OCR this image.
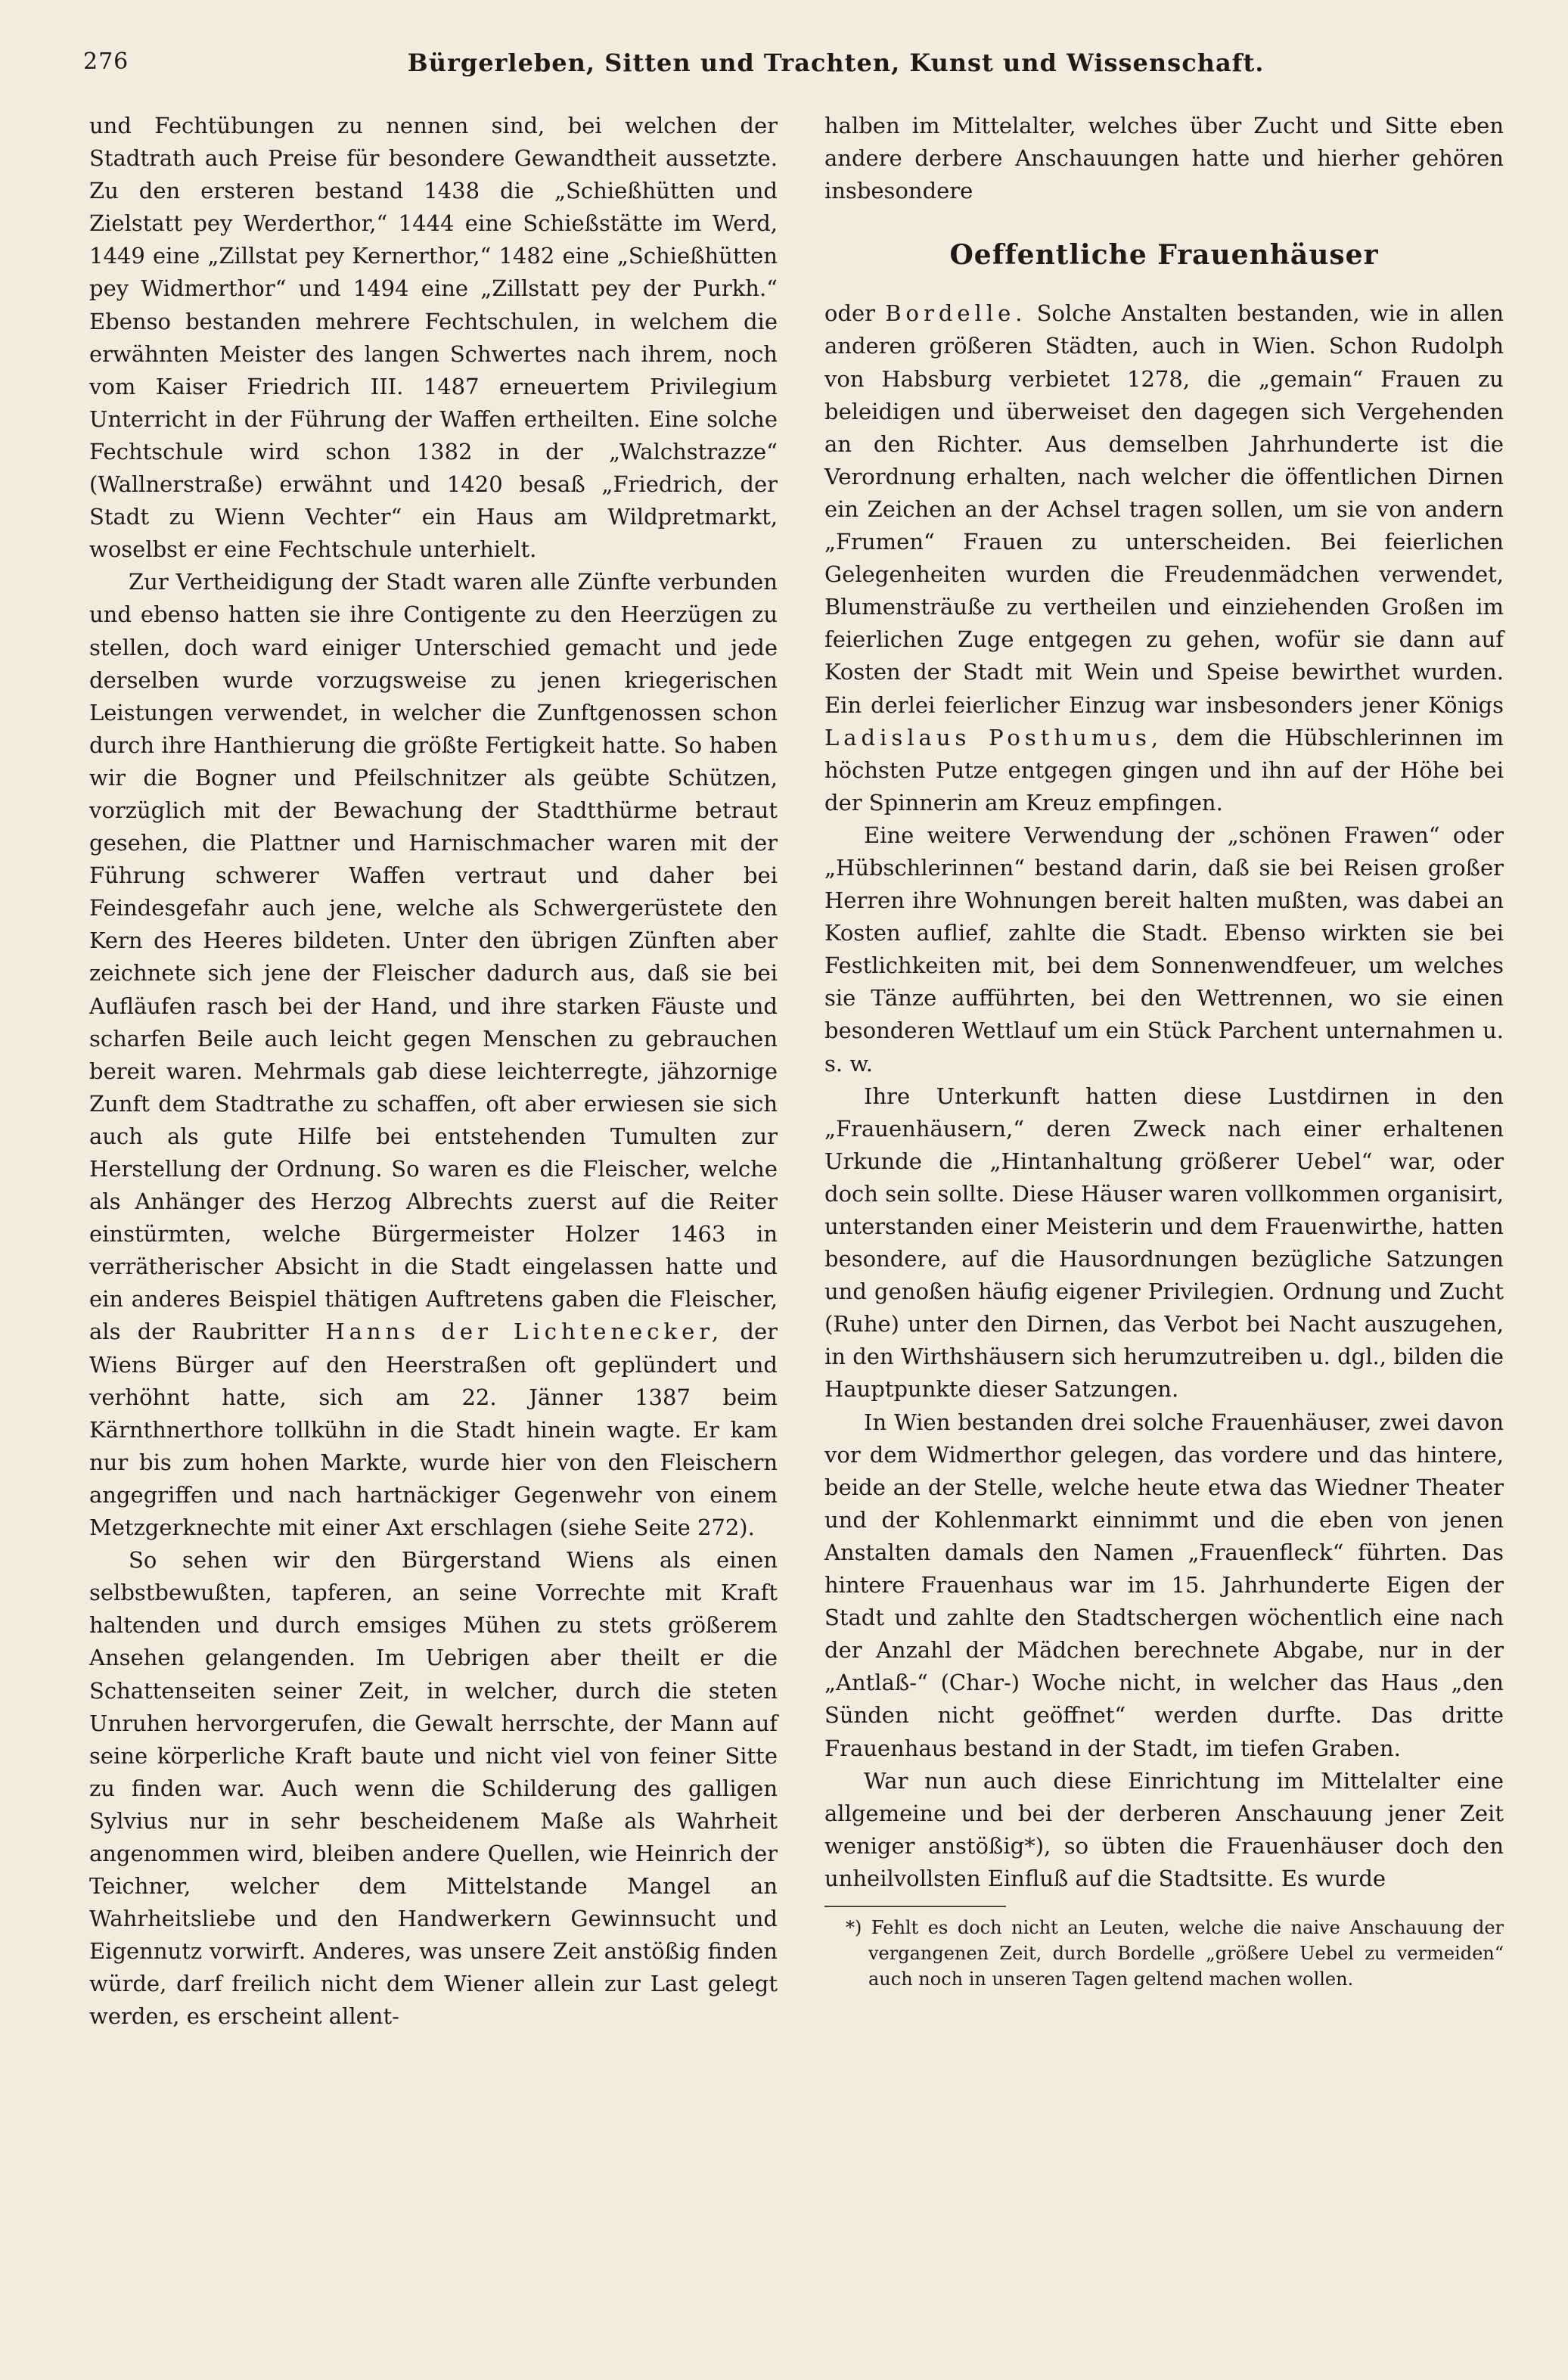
276	Bürgerleben, Sitten und Trachten, Kunst und Wissenschaft.

und Fechtübungen zu nennen sind, bei welchen der Stadtrath auch Preise für besondere Gewandtheit aussetzte. Zu den ersteren bestand 1438 die „Schießhütten und Zielstatt pey Werderthor,“ 1444 eine Schießstätte im Werd, 1449 eine „Zillstat pey Kernerthor,“ 1482 eine „Schießhütten pey Widmerthor“ und 1494 eine „Zillstatt pey der Purkh.“ Ebenso bestanden mehrere Fechtschulen, in welchem die erwähnten Meister des langen Schwertes nach ihrem, noch vom Kaiser Friedrich III. 1487 erneuertem Privilegium Unterricht in der Führung der Waffen ertheilten. Eine solche Fechtschule wird schon 1382 in der „Walchstrazze“ (Wallnerstraße) erwähnt und 1420 besaß „Friedrich, der Stadt zu Wienn Vechter“ ein Haus am Wildpretmarkt, woselbst er eine Fechtschule unterhielt.

Zur Vertheidigung der Stadt waren alle Zünfte verbunden und ebenso hatten sie ihre Contigente zu den Heerzügen zu stellen, doch ward einiger Unterschied gemacht und jede derselben wurde vorzugsweise zu jenen kriegerischen Leistungen verwendet, in welcher die Zunftgenossen schon durch ihre Hanthierung die größte Fertigkeit hatte. So haben wir die Bogner und Pfeilschnitzer als geübte Schützen, vorzüglich mit der Bewachung der Stadtthürme betraut gesehen, die Plattner und Harnischmacher waren mit der Führung schwerer Waffen vertraut und daher bei Feindesgefahr auch jene, welche als Schwergerüstete den Kern des Heeres bildeten. Unter den übrigen Zünften aber zeichnete sich jene der Fleischer dadurch aus, daß sie bei Aufläufen rasch bei der Hand, und ihre starken Fäuste und scharfen Beile auch leicht gegen Menschen zu gebrauchen bereit waren. Mehrmals gab diese leichterregte, jähzornige Zunft dem Stadtrathe zu schaffen, oft aber erwiesen sie sich auch als gute Hilfe bei entstehenden Tumulten zur Herstellung der Ordnung. So waren es die Fleischer, welche als Anhänger des Herzog Albrechts zuerst auf die Reiter einstürmten, welche Bürgermeister Holzer 1463 in verrätherischer Absicht in die Stadt eingelassen hatte und ein anderes Beispiel thätigen Auftretens gaben die Fleischer, als der Raubritter Hanns der Lichtenecker, der Wiens Bürger auf den Heerstraßen oft geplündert und verhöhnt hatte, sich am 22. Jänner 1387 beim Kärnthnerthore tollkühn in die Stadt hinein wagte. Er kam nur bis zum hohen Markte, wurde hier von den Fleischern angegriffen und nach hartnäckiger Gegenwehr von einem Metzgerknechte mit einer Axt erschlagen (siehe Seite 272).

So sehen wir den Bürgerstand Wiens als einen selbstbewußten, tapferen, an seine Vorrechte mit Kraft haltenden und durch emsiges Mühen zu stets größerem Ansehen gelangenden. Im Uebrigen aber theilt er die Schattenseiten seiner Zeit, in welcher, durch die steten Unruhen hervorgerufen, die Gewalt herrschte, der Mann auf seine körperliche Kraft baute und nicht viel von feiner Sitte zu finden war. Auch wenn die Schilderung des galligen Sylvius nur in sehr bescheidenem Maße als Wahrheit angenommen wird, bleiben andere Quellen, wie Heinrich der Teichner, welcher dem Mittelstande Mangel an Wahrheitsliebe und den Handwerkern Gewinnsucht und Eigennutz vorwirft. Anderes, was unsere Zeit anstößig finden würde, darf freilich nicht dem Wiener allein zur Last gelegt werden, es erscheint allent-

halben im Mittelalter, welches über Zucht und Sitte eben andere derbere Anschauungen hatte und hierher gehören insbesondere

Oeffentliche Frauenhäuser

oder Bordelle. Solche Anstalten bestanden, wie in allen anderen größeren Städten, auch in Wien. Schon Rudolph von Habsburg verbietet 1278, die „gemain“ Frauen zu beleidigen und überweiset den dagegen sich Vergehenden an den Richter. Aus demselben Jahrhunderte ist die Verordnung erhalten, nach welcher die öffentlichen Dirnen ein Zeichen an der Achsel tragen sollen, um sie von andern „Frumen“ Frauen zu unterscheiden. Bei feierlichen Gelegenheiten wurden die Freudenmädchen verwendet, Blumensträuße zu vertheilen und einziehenden Großen im feierlichen Zuge entgegen zu gehen, wofür sie dann auf Kosten der Stadt mit Wein und Speise bewirthet wurden. Ein derlei feierlicher Einzug war insbesonders jener Königs Ladislaus Posthumus, dem die Hübschlerinnen im höchsten Putze entgegen gingen und ihn auf der Höhe bei der Spinnerin am Kreuz empfingen.

Eine weitere Verwendung der „schönen Frawen“ oder „Hübschlerinnen“ bestand darin, daß sie bei Reisen großer Herren ihre Wohnungen bereit halten mußten, was dabei an Kosten auflief, zahlte die Stadt. Ebenso wirkten sie bei Festlichkeiten mit, bei dem Sonnenwendfeuer, um welches sie Tänze aufführten, bei den Wettrennen, wo sie einen besonderen Wettlauf um ein Stück Parchent unternahmen u. s. w.

Ihre Unterkunft hatten diese Lustdirnen in den „Frauenhäusern,“ deren Zweck nach einer erhaltenen Urkunde die „Hintanhaltung größerer Uebel“ war, oder doch sein sollte. Diese Häuser waren vollkommen organisirt, unterstanden einer Meisterin und dem Frauenwirthe, hatten besondere, auf die Hausordnungen bezügliche Satzungen und genoßen häufig eigener Privilegien. Ordnung und Zucht (Ruhe) unter den Dirnen, das Verbot bei Nacht auszugehen, in den Wirthshäusern sich herumzutreiben u. dgl., bilden die Hauptpunkte dieser Satzungen.

In Wien bestanden drei solche Frauenhäuser, zwei davon vor dem Widmerthor gelegen, das vordere und das hintere, beide an der Stelle, welche heute etwa das Wiedner Theater und der Kohlenmarkt einnimmt und die eben von jenen Anstalten damals den Namen „Frauenfleck“ führten. Das hintere Frauenhaus war im 15. Jahrhunderte Eigen der Stadt und zahlte den Stadtschergen wöchentlich eine nach der Anzahl der Mädchen berechnete Abgabe, nur in der „Antlaß-“ (Char-) Woche nicht, in welcher das Haus „den Sünden nicht geöffnet“ werden durfte. Das dritte Frauenhaus bestand in der Stadt, im tiefen Graben.

War nun auch diese Einrichtung im Mittelalter eine allgemeine und bei der derberen Anschauung jener Zeit weniger anstößig*), so übten die Frauenhäuser doch den unheilvollsten Einfluß auf die Stadtsitte. Es wurde

*) Fehlt es doch nicht an Leuten, welche die naive Anschauung der vergangenen Zeit, durch Bordelle „größere Uebel zu vermeiden“ auch noch in unseren Tagen geltend machen wollen.
